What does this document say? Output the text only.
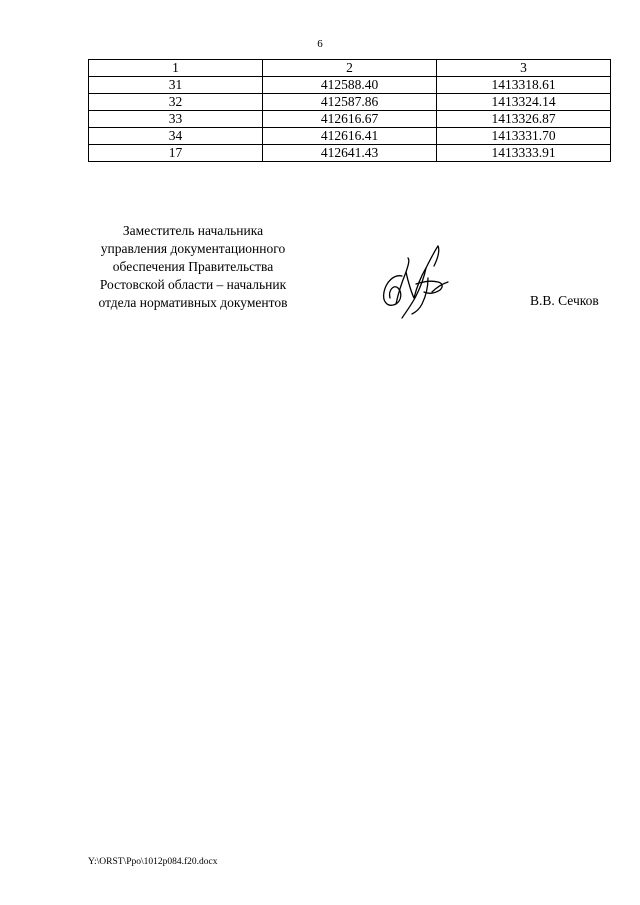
6
1	2	3
31	412588.40	1413318.61
32	412587.86	1413324.14
33	412616.67	1413326.87
34	412616.41	1413331.70
17	412641.43	1413333.91
Заместитель начальника
управления документационного
обеспечения Правительства
Ростовской области – начальник
отдела нормативных документов	В.В. Сечков
Y:\ORST\Ppo\1012p084.f20.docx
